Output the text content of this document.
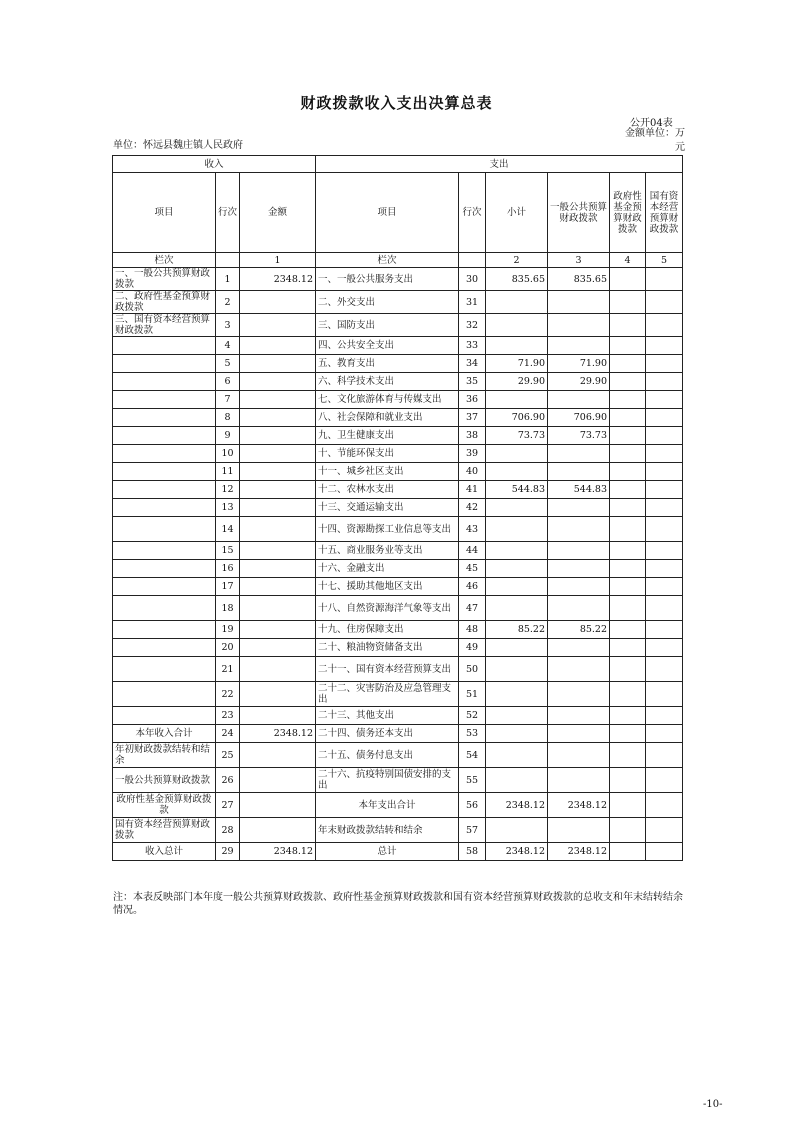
财政拨款收入支出决算总表
公开04表
单位：怀远县魏庄镇人民政府
金额单位：万元
收入			支出					
项目	行次	金额	项目	行次	小计	一般公共预算财政拨款	政府性基金预算财政拨款	国有资本经营预算财政拨款
栏次		1	栏次		2	3	4	5
一、一般公共预算财政拨款	1	2348.12	一、一般公共服务支出	30	835.65	835.65		
二、政府性基金预算财政拨款	2		二、外交支出	31				
三、国有资本经营预算财政拨款	3		三、国防支出	32				
	4		四、公共安全支出	33				
	5		五、教育支出	34	71.90	71.90		
	6		六、科学技术支出	35	29.90	29.90		
	7		七、文化旅游体育与传媒支出	36				
	8		八、社会保障和就业支出	37	706.90	706.90		
	9		九、卫生健康支出	38	73.73	73.73		
	10		十、节能环保支出	39				
	11		十一、城乡社区支出	40				
	12		十二、农林水支出	41	544.83	544.83		
	13		十三、交通运输支出	42				
	14		十四、资源勘探工业信息等支出	43				
	15		十五、商业服务业等支出	44				
	16		十六、金融支出	45				
	17		十七、援助其他地区支出	46				
	18		十八、自然资源海洋气象等支出	47				
	19		十九、住房保障支出	48	85.22	85.22		
	20		二十、粮油物资储备支出	49				
	21		二十一、国有资本经营预算支出	50				
	22		二十二、灾害防治及应急管理支出	51				
	23		二十三、其他支出	52				
本年收入合计	24	2348.12	二十四、债务还本支出	53				
年初财政拨款结转和结余	25		二十五、债务付息支出	54				
一般公共预算财政拨款	26		二十六、抗疫特别国债安排的支出	55				
政府性基金预算财政拨款	27		本年支出合计	56	2348.12	2348.12		
国有资本经营预算财政拨款	28		年末财政拨款结转和结余	57				
收入总计	29	2348.12	总计	58	2348.12	2348.12		
注：本表反映部门本年度一般公共预算财政拨款、政府性基金预算财政拨款和国有资本经营预算财政拨款的总收支和年末结转结余情况。
-10-
